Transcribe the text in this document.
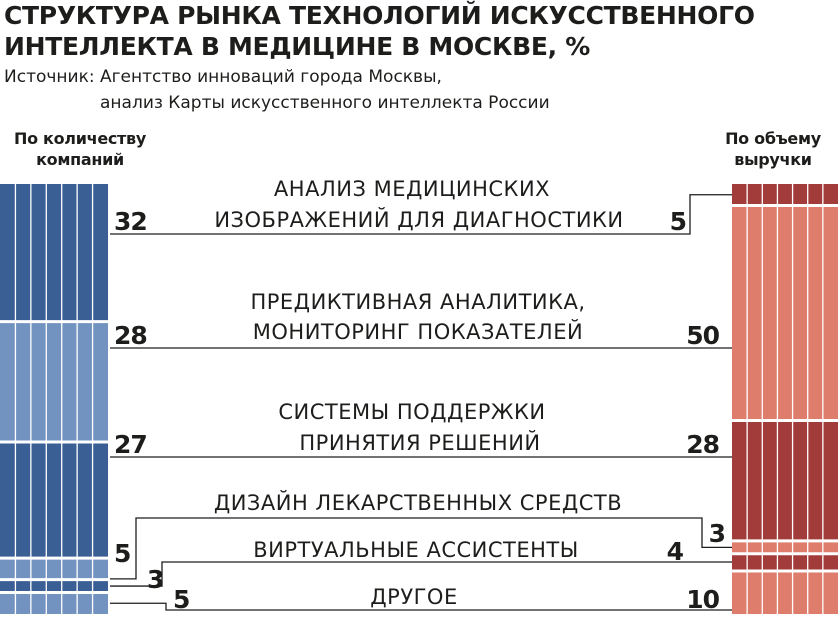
СТРУКТУРА РЫНКА ТЕХНОЛОГИЙ ИСКУССТВЕННОГО ИНТЕЛЛЕКТА В МЕДИЦИНЕ В МОСКВЕ, %
Источник: Агентство инноваций города Москвы,
анализ Карты искусственного интеллекта России
По количеству
компаний
По объему
выручки
АНАЛИЗ МЕДИЦИНСКИХ
ИЗОБРАЖЕНИЙ ДЛЯ ДИАГНОСТИКИ
ПРЕДИКТИВНАЯ АНАЛИТИКА,
МОНИТОРИНГ ПОКАЗАТЕЛЕЙ
СИСТЕМЫ ПОДДЕРЖКИ
ПРИНЯТИЯ РЕШЕНИЙ
ДИЗАЙН ЛЕКАРСТВЕННЫХ СРЕДСТВ
ВИРТУАЛЬНЫЕ АССИСТЕНТЫ
ДРУГОЕ
32
28
27
5
3
5
5
50
28
3
4
10
